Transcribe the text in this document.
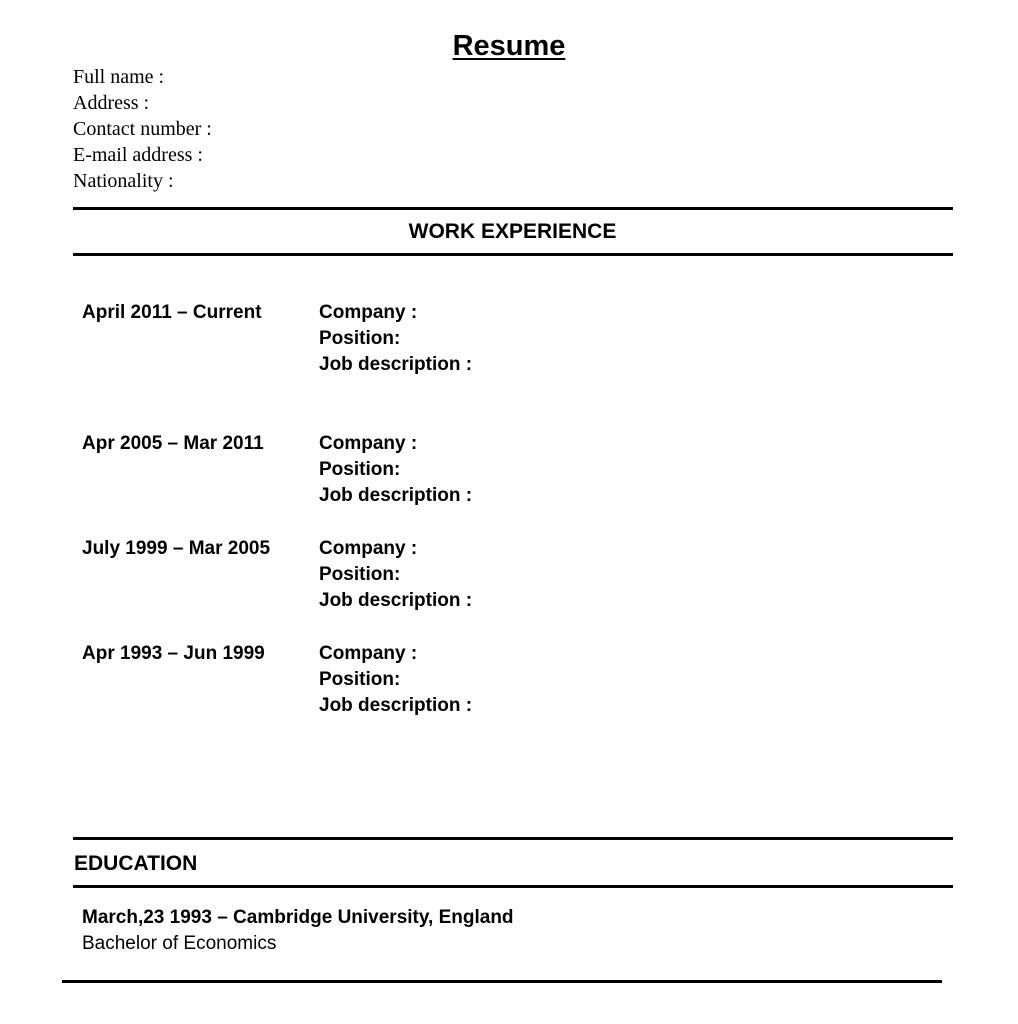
Resume
Full name :
Address :
Contact number :
E-mail address :
Nationality :
WORK EXPERIENCE
April 2011 – Current	Company :
Position:
Job description :
Apr 2005 – Mar 2011	Company :
Position:
Job description :
July 1999 – Mar 2005	Company :
Position:
Job description :
Apr 1993 – Jun 1999	Company :
Position:
Job description :
EDUCATION
March,23 1993 – Cambridge University, England
Bachelor of Economics
